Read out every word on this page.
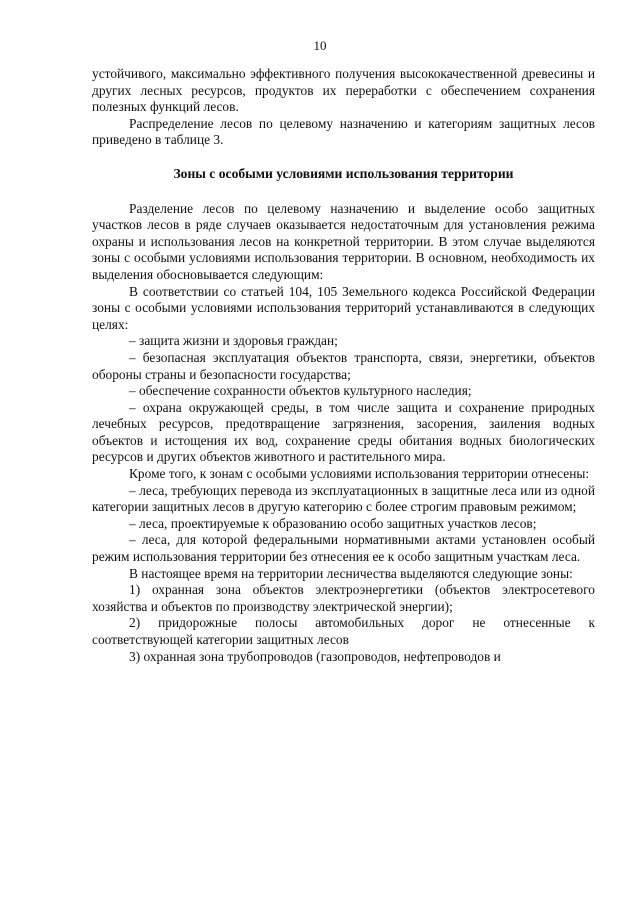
10

устойчивого, максимально эффективного получения высококачественной древесины и других лесных ресурсов, продуктов их переработки с обеспечением сохранения полезных функций лесов.

Распределение лесов по целевому назначению и категориям защитных лесов приведено в таблице 3.

Зоны с особыми условиями использования территории

Разделение лесов по целевому назначению и выделение особо защитных участков лесов в ряде случаев оказывается недостаточным для установления режима охраны и использования лесов на конкретной территории. В этом случае выделяются зоны с особыми условиями использования территории. В основном, необходимость их выделения обосновывается следующим:

В соответствии со статьей 104, 105 Земельного кодекса Российской Федерации зоны с особыми условиями использования территорий устанавливаются в следующих целях:

– защита жизни и здоровья граждан;

– безопасная эксплуатация объектов транспорта, связи, энергетики, объектов обороны страны и безопасности государства;

– обеспечение сохранности объектов культурного наследия;

– охрана окружающей среды, в том числе защита и сохранение природных лечебных ресурсов, предотвращение загрязнения, засорения, заиления водных объектов и истощения их вод, сохранение среды обитания водных биологических ресурсов и других объектов животного и растительного мира.

Кроме того, к зонам с особыми условиями использования территории отнесены:

– леса, требующих перевода из эксплуатационных в защитные леса или из одной категории защитных лесов в другую категорию с более строгим правовым режимом;

– леса, проектируемые к образованию особо защитных участков лесов;

– леса, для которой федеральными нормативными актами установлен особый режим использования территории без отнесения ее к особо защитным участкам леса.

В настоящее время на территории лесничества выделяются следующие зоны:

1) охранная зона объектов электроэнергетики (объектов электросетевого хозяйства и объектов по производству электрической энергии);

2) придорожные полосы автомобильных дорог не отнесенные к соответствующей категории защитных лесов

3) охранная зона трубопроводов (газопроводов, нефтепроводов и
